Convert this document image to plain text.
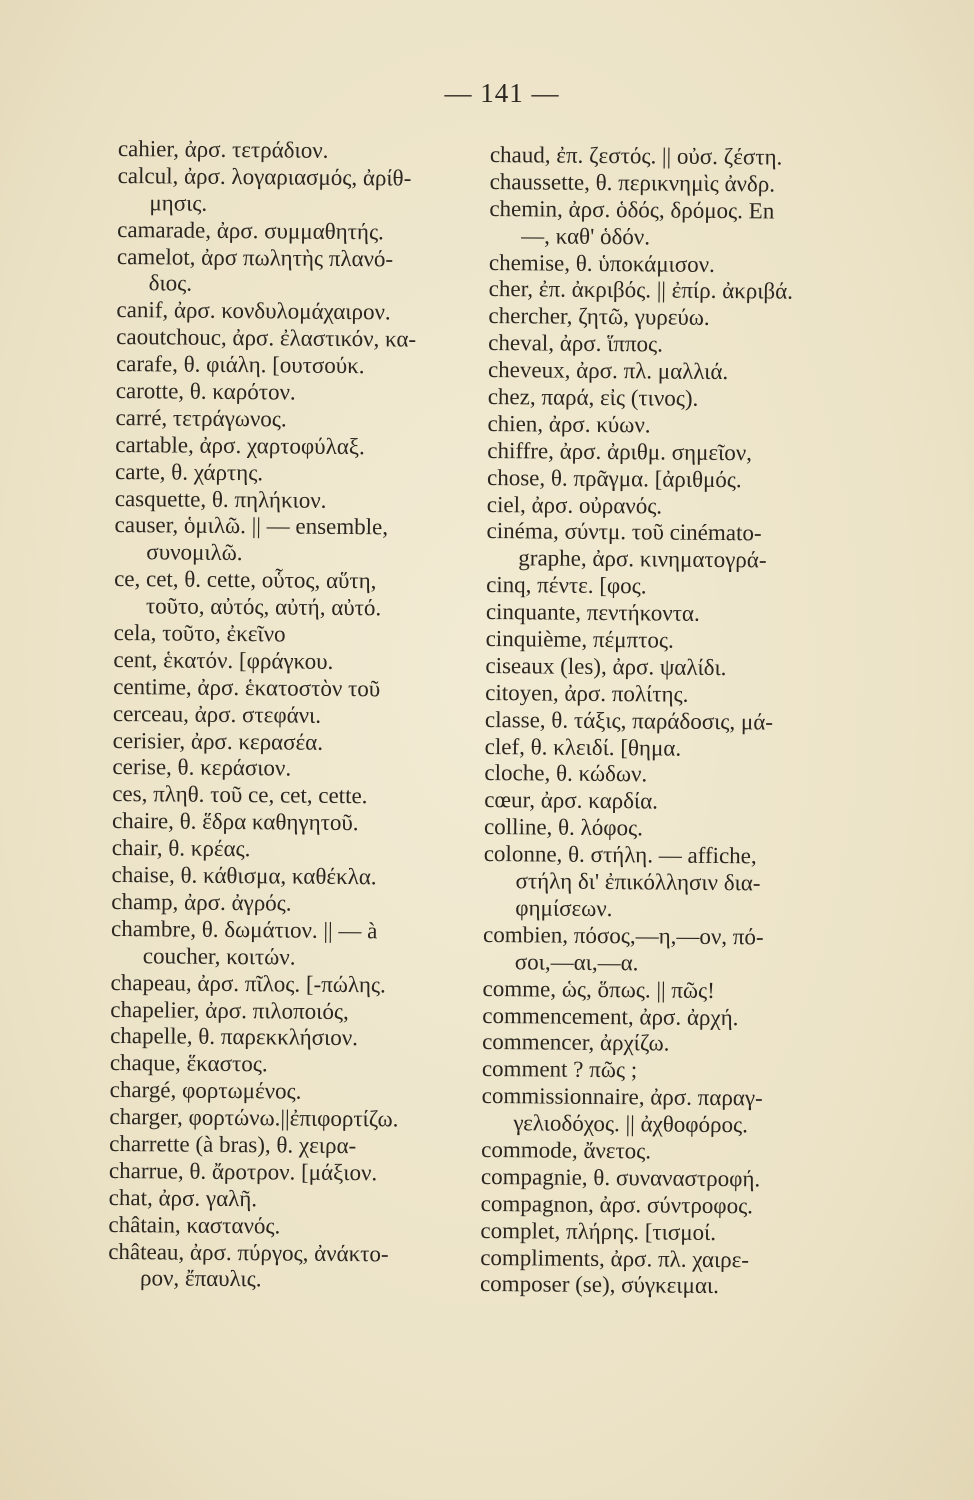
— 141 —
cahier, ἀρσ. τετράδιον.
calcul, ἀρσ. λογαριασμός, ἀρίθ-
μησις.
camarade, ἀρσ. συμμαθητής.
camelot, ἀρσ πωλητὴς πλανό-
διος.
canif, ἀρσ. κονδυλομάχαιρον.
caoutchouc, ἀρσ. ἐλαστικόν, κα-
carafe, θ. φιάλη. [ουτσούκ.
carotte, θ. καρότον.
carré, τετράγωνος.
cartable, ἀρσ. χαρτοφύλαξ.
carte, θ. χάρτης.
casquette, θ. πηλήκιον.
causer, ὁμιλῶ. || — ensemble,
συνομιλῶ.
ce, cet, θ. cette, οὗτος, αὕτη,
τοῦτο, αὐτός, αὐτή, αὐτό.
cela, τοῦτο, ἐκεῖνο
cent, ἑκατόν. [φράγκου.
centime, ἀρσ. ἑκατοστὸν τοῦ
cerceau, ἀρσ. στεφάνι.
cerisier, ἀρσ. κερασέα.
cerise, θ. κεράσιον.
ces, πληθ. τοῦ ce, cet, cette.
chaire, θ. ἕδρα καθηγητοῦ.
chair, θ. κρέας.
chaise, θ. κάθισμα, καθέκλα.
champ, ἀρσ. ἀγρός.
chambre, θ. δωμάτιον. || — à
coucher, κοιτών.
chapeau, ἀρσ. πῖλος. [-πώλης.
chapelier, ἀρσ. πιλοποιός,
chapelle, θ. παρεκκλήσιον.
chaque, ἕκαστος.
chargé, φορτωμένος.
charger, φορτώνω.||ἐπιφορτίζω.
charrette (à bras), θ. χειρα-
charrue, θ. ἄροτρον. [μάξιον.
chat, ἀρσ. γαλῆ.
châtain, καστανός.
château, ἀρσ. πύργος, ἀνάκτο-
ρον, ἔπαυλις.
chaud, ἐπ. ζεστός. || οὐσ. ζέστη.
chaussette, θ. περικνημὶς ἀνδρ.
chemin, ἀρσ. ὁδός, δρόμος. En
—, καθ' ὁδόν.
chemise, θ. ὑποκάμισον.
cher, ἐπ. ἀκριβός. || ἐπίρ. ἀκριβά.
chercher, ζητῶ, γυρεύω.
cheval, ἀρσ. ἵππος.
cheveux, ἀρσ. πλ. μαλλιά.
chez, παρά, εἰς (τινος).
chien, ἀρσ. κύων.
chiffre, ἀρσ. ἀριθμ. σημεῖον,
chose, θ. πρᾶγμα. [ἀριθμός.
ciel, ἀρσ. οὐρανός.
cinéma, σύντμ. τοῦ cinémato-
graphe, ἀρσ. κινηματογρά-
cinq, πέντε. [φος.
cinquante, πεντήκοντα.
cinquième, πέμπτος.
ciseaux (les), ἀρσ. ψαλίδι.
citoyen, ἀρσ. πολίτης.
classe, θ. τάξις, παράδοσις, μά-
clef, θ. κλειδί. [θημα.
cloche, θ. κώδων.
cœur, ἀρσ. καρδία.
colline, θ. λόφος.
colonne, θ. στήλη. — affiche,
στήλη δι' ἐπικόλλησιν δια-
φημίσεων.
combien, πόσος,—η,—ον, πό-
σοι,—αι,—α.
comme, ὡς, ὅπως. || πῶς!
commencement, ἀρσ. ἀρχή.
commencer, ἀρχίζω.
comment ? πῶς ;
commissionnaire, ἀρσ. παραγ-
γελιοδόχος. || ἀχθοφόρος.
commode, ἄνετος.
compagnie, θ. συναναστροφή.
compagnon, ἀρσ. σύντροφος.
complet, πλήρης. [τισμοί.
compliments, ἀρσ. πλ. χαιρε-
composer (se), σύγκειμαι.
